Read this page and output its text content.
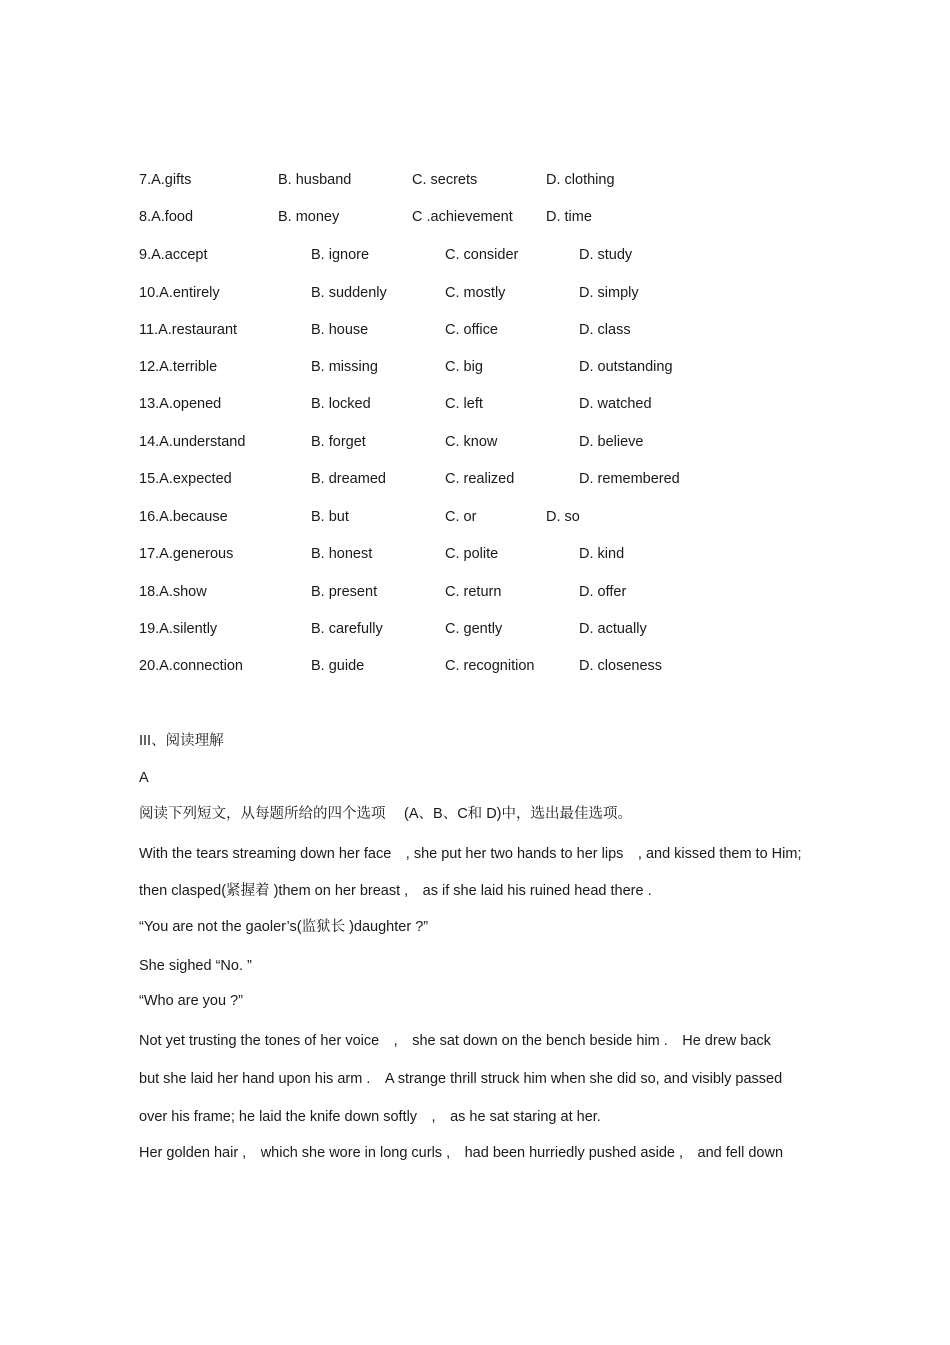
7.A.gifts	B. husband	C. secrets	D. clothing
8.A.food	B. money	C .achievement D. time
9.A.accept	B. ignore	C. consider	D. study
10.A.entirely	B. suddenly	C. mostly	D. simply
11.A.restaurant	B. house	C. office	D. class
12.A.terrible	B. missing	C. big	D. outstanding
13.A.opened	B. locked	C. left	D. watched
14.A.understand	B. forget	C. know	D. believe
15.A.expected	B. dreamed	C. realized	D. remembered
16.A.because	B. but	C. or	D. so
17.A.generous	B. honest	C. polite	D. kind
18.A.show	B. present	C. return	D. offer
19.A.silently	B. carefully	C. gently	D. actually
20.A.connection	B. guide	C. recognition	D. closeness
III、阅读理解
A
阅读下列短文，从每题所给的四个选项　 (A、B、C和 D)中，选出最佳选项。
With the tears streaming down her face　, she put her two hands to her lips　, and kissed them to Him;
then clasped(紧握着 )them on her breast ,　as if she laid his ruined head there .
“You are not the gaoler’s(监狱长 )daughter ?”
She sighed “No. ”
“Who are you ?”
Not yet trusting the tones of her voice　,　she sat down on the bench beside him .　He drew back
but she laid her hand upon his arm .　A strange thrill struck him when she did so, and visibly passed
over his frame; he laid the knife down softly　,　as he sat staring at her.
Her golden hair ,　which she wore in long curls ,　had been hurriedly pushed aside ,　and fell down
